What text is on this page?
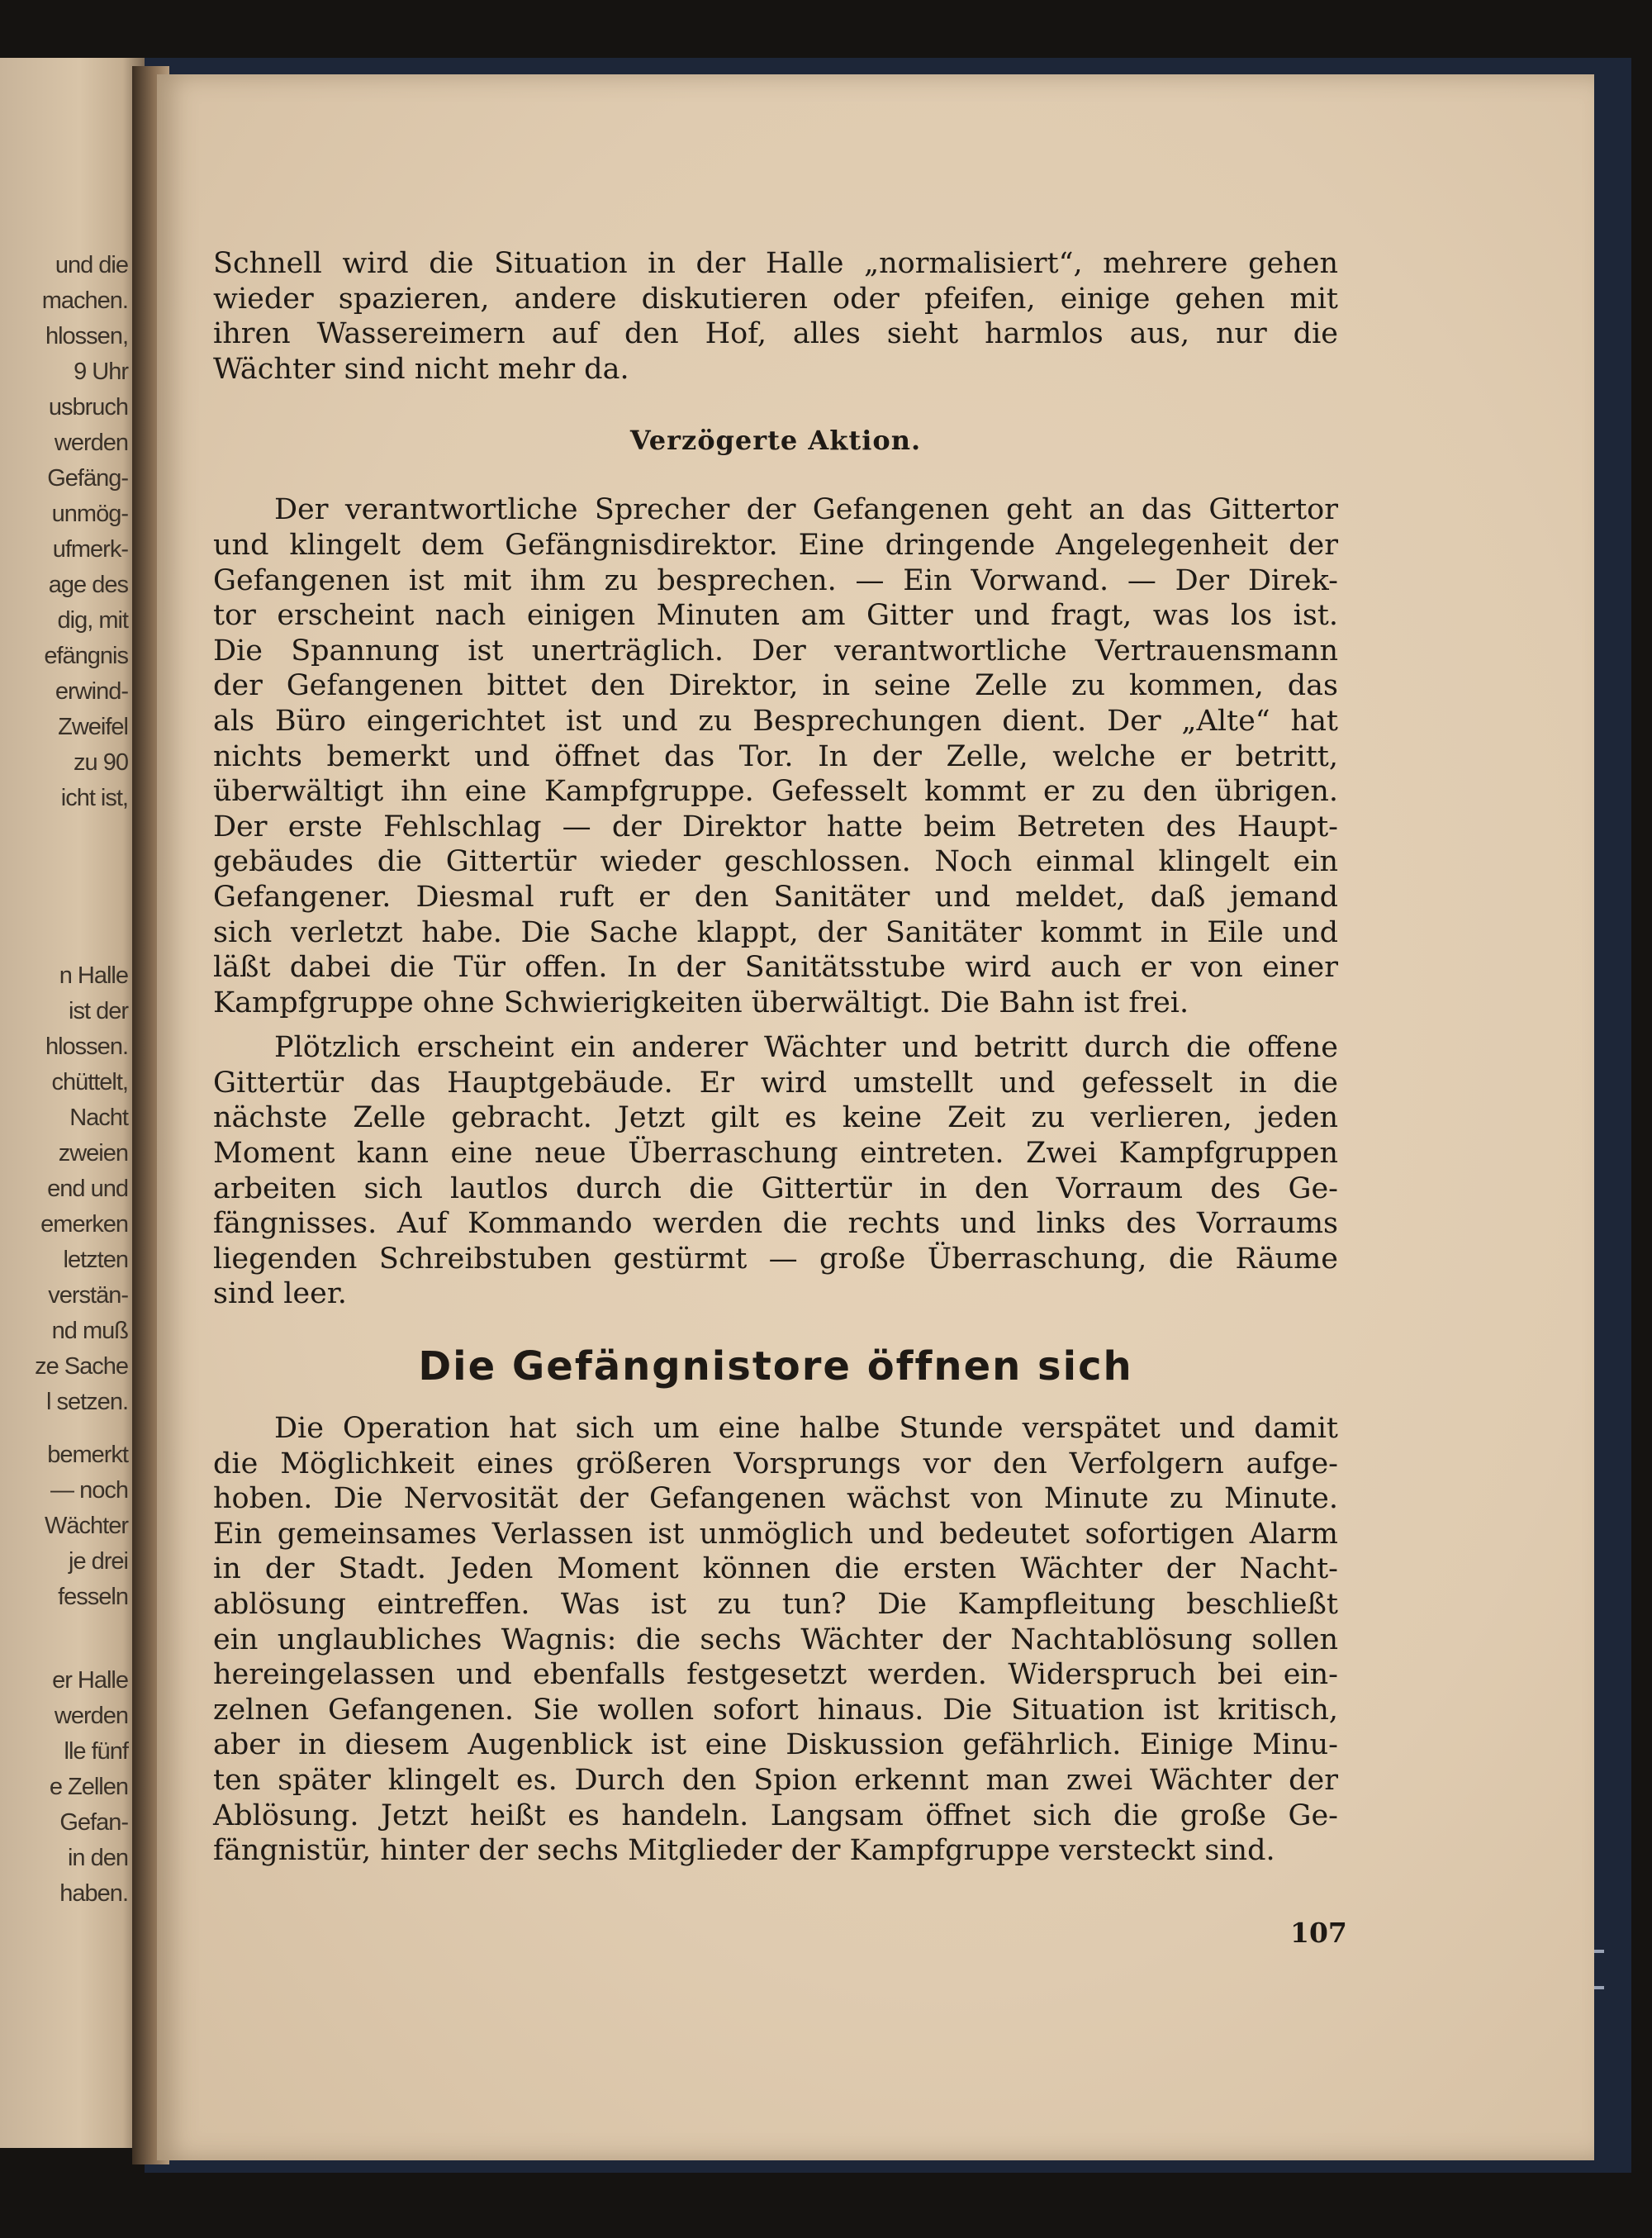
und die
machen.
hlossen,
9 Uhr
usbruch
werden
Gefäng-
unmög-
ufmerk-
age des
dig, mit
efängnis
erwind-
Zweifel
zu 90
icht ist,
n Halle
ist der
hlossen.
chüttelt,
Nacht
zweien
end und
emerken
letzten
verstän-
nd muß
ze Sache
l setzen.
bemerkt
— noch
Wächter
je drei
fesseln
er Halle
werden
lle fünf
e Zellen
Gefan-
in den
haben.
Schnell wird die Situation in der Halle „normalisiert“, mehrere gehen
wieder spazieren, andere diskutieren oder pfeifen, einige gehen mit
ihren Wassereimern auf den Hof, alles sieht harmlos aus, nur die
Wächter sind nicht mehr da.
Verzögerte Aktion.
Der verantwortliche Sprecher der Gefangenen geht an das Gittertor
und klingelt dem Gefängnisdirektor. Eine dringende Angelegenheit der
Gefangenen ist mit ihm zu besprechen. — Ein Vorwand. — Der Direk-
tor erscheint nach einigen Minuten am Gitter und fragt, was los ist.
Die Spannung ist unerträglich. Der verantwortliche Vertrauensmann
der Gefangenen bittet den Direktor, in seine Zelle zu kommen, das
als Büro eingerichtet ist und zu Besprechungen dient. Der „Alte“ hat
nichts bemerkt und öffnet das Tor. In der Zelle, welche er betritt,
überwältigt ihn eine Kampfgruppe. Gefesselt kommt er zu den übrigen.
Der erste Fehlschlag — der Direktor hatte beim Betreten des Haupt-
gebäudes die Gittertür wieder geschlossen. Noch einmal klingelt ein
Gefangener. Diesmal ruft er den Sanitäter und meldet, daß jemand
sich verletzt habe. Die Sache klappt, der Sanitäter kommt in Eile und
läßt dabei die Tür offen. In der Sanitätsstube wird auch er von einer
Kampfgruppe ohne Schwierigkeiten überwältigt. Die Bahn ist frei.
Plötzlich erscheint ein anderer Wächter und betritt durch die offene
Gittertür das Hauptgebäude. Er wird umstellt und gefesselt in die
nächste Zelle gebracht. Jetzt gilt es keine Zeit zu verlieren, jeden
Moment kann eine neue Überraschung eintreten. Zwei Kampfgruppen
arbeiten sich lautlos durch die Gittertür in den Vorraum des Ge-
fängnisses. Auf Kommando werden die rechts und links des Vorraums
liegenden Schreibstuben gestürmt — große Überraschung, die Räume
sind leer.
Die Gefängnistore öffnen sich
Die Operation hat sich um eine halbe Stunde verspätet und damit
die Möglichkeit eines größeren Vorsprungs vor den Verfolgern aufge-
hoben. Die Nervosität der Gefangenen wächst von Minute zu Minute.
Ein gemeinsames Verlassen ist unmöglich und bedeutet sofortigen Alarm
in der Stadt. Jeden Moment können die ersten Wächter der Nacht-
ablösung eintreffen. Was ist zu tun? Die Kampfleitung beschließt
ein unglaubliches Wagnis: die sechs Wächter der Nachtablösung sollen
hereingelassen und ebenfalls festgesetzt werden. Widerspruch bei ein-
zelnen Gefangenen. Sie wollen sofort hinaus. Die Situation ist kritisch,
aber in diesem Augenblick ist eine Diskussion gefährlich. Einige Minu-
ten später klingelt es. Durch den Spion erkennt man zwei Wächter der
Ablösung. Jetzt heißt es handeln. Langsam öffnet sich die große Ge-
fängnistür, hinter der sechs Mitglieder der Kampfgruppe versteckt sind.
107
